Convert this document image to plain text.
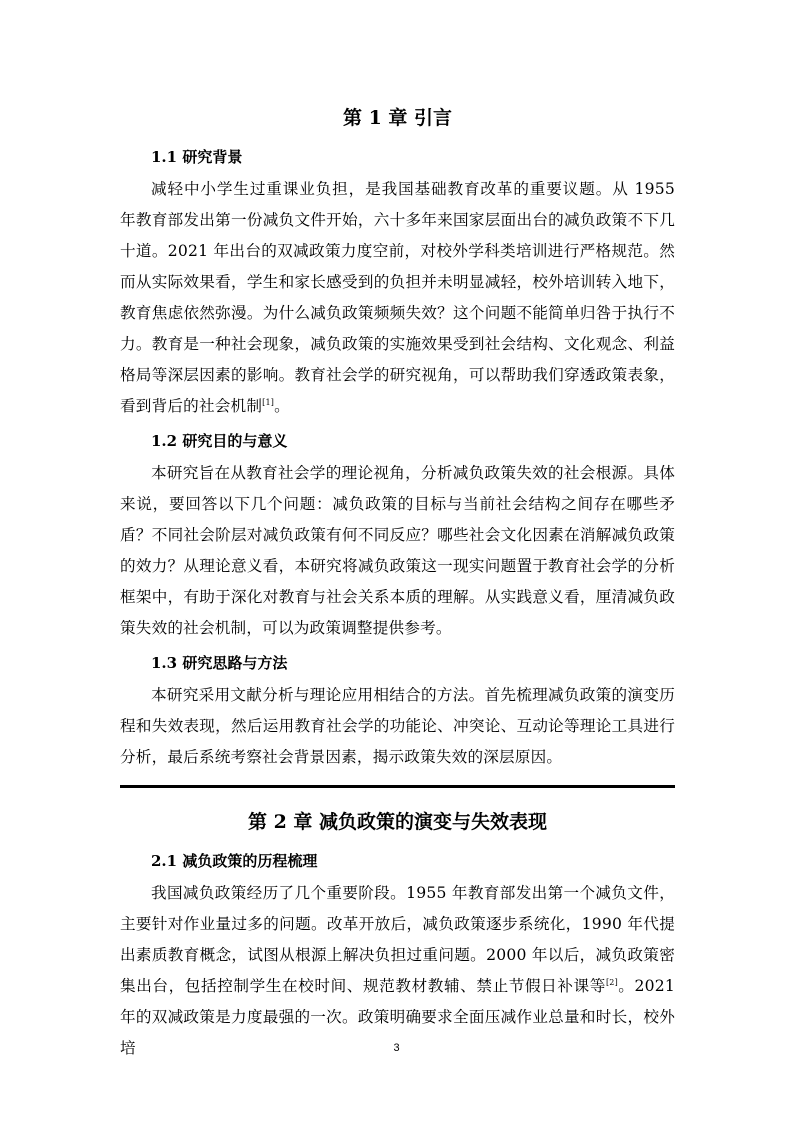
第 1 章 引言
1.1 研究背景

减轻中小学生过重课业负担，是我国基础教育改革的重要议题。从 1955 年教育部发出第一份减负文件开始，六十多年来国家层面出台的减负政策不下几十道。2021 年出台的双减政策力度空前，对校外学科类培训进行严格规范。然而从实际效果看，学生和家长感受到的负担并未明显减轻，校外培训转入地下，教育焦虑依然弥漫。为什么减负政策频频失效？这个问题不能简单归咎于执行不力。教育是一种社会现象，减负政策的实施效果受到社会结构、文化观念、利益格局等深层因素的影响。教育社会学的研究视角，可以帮助我们穿透政策表象，看到背后的社会机制[1]。

1.2 研究目的与意义

本研究旨在从教育社会学的理论视角，分析减负政策失效的社会根源。具体来说，要回答以下几个问题：减负政策的目标与当前社会结构之间存在哪些矛盾？不同社会阶层对减负政策有何不同反应？哪些社会文化因素在消解减负政策的效力？从理论意义看，本研究将减负政策这一现实问题置于教育社会学的分析框架中，有助于深化对教育与社会关系本质的理解。从实践意义看，厘清减负政策失效的社会机制，可以为政策调整提供参考。

1.3 研究思路与方法

本研究采用文献分析与理论应用相结合的方法。首先梳理减负政策的演变历程和失效表现，然后运用教育社会学的功能论、冲突论、互动论等理论工具进行分析，最后系统考察社会背景因素，揭示政策失效的深层原因。

第 2 章 减负政策的演变与失效表现
2.1 减负政策的历程梳理

我国减负政策经历了几个重要阶段。1955 年教育部发出第一个减负文件，主要针对作业量过多的问题。改革开放后，减负政策逐步系统化，1990 年代提出素质教育概念，试图从根源上解决负担过重问题。2000 年以后，减负政策密集出台，包括控制学生在校时间、规范教材教辅、禁止节假日补课等[2]。2021 年的双减政策是力度最强的一次。政策明确要求全面压减作业总量和时长，校外培	3
